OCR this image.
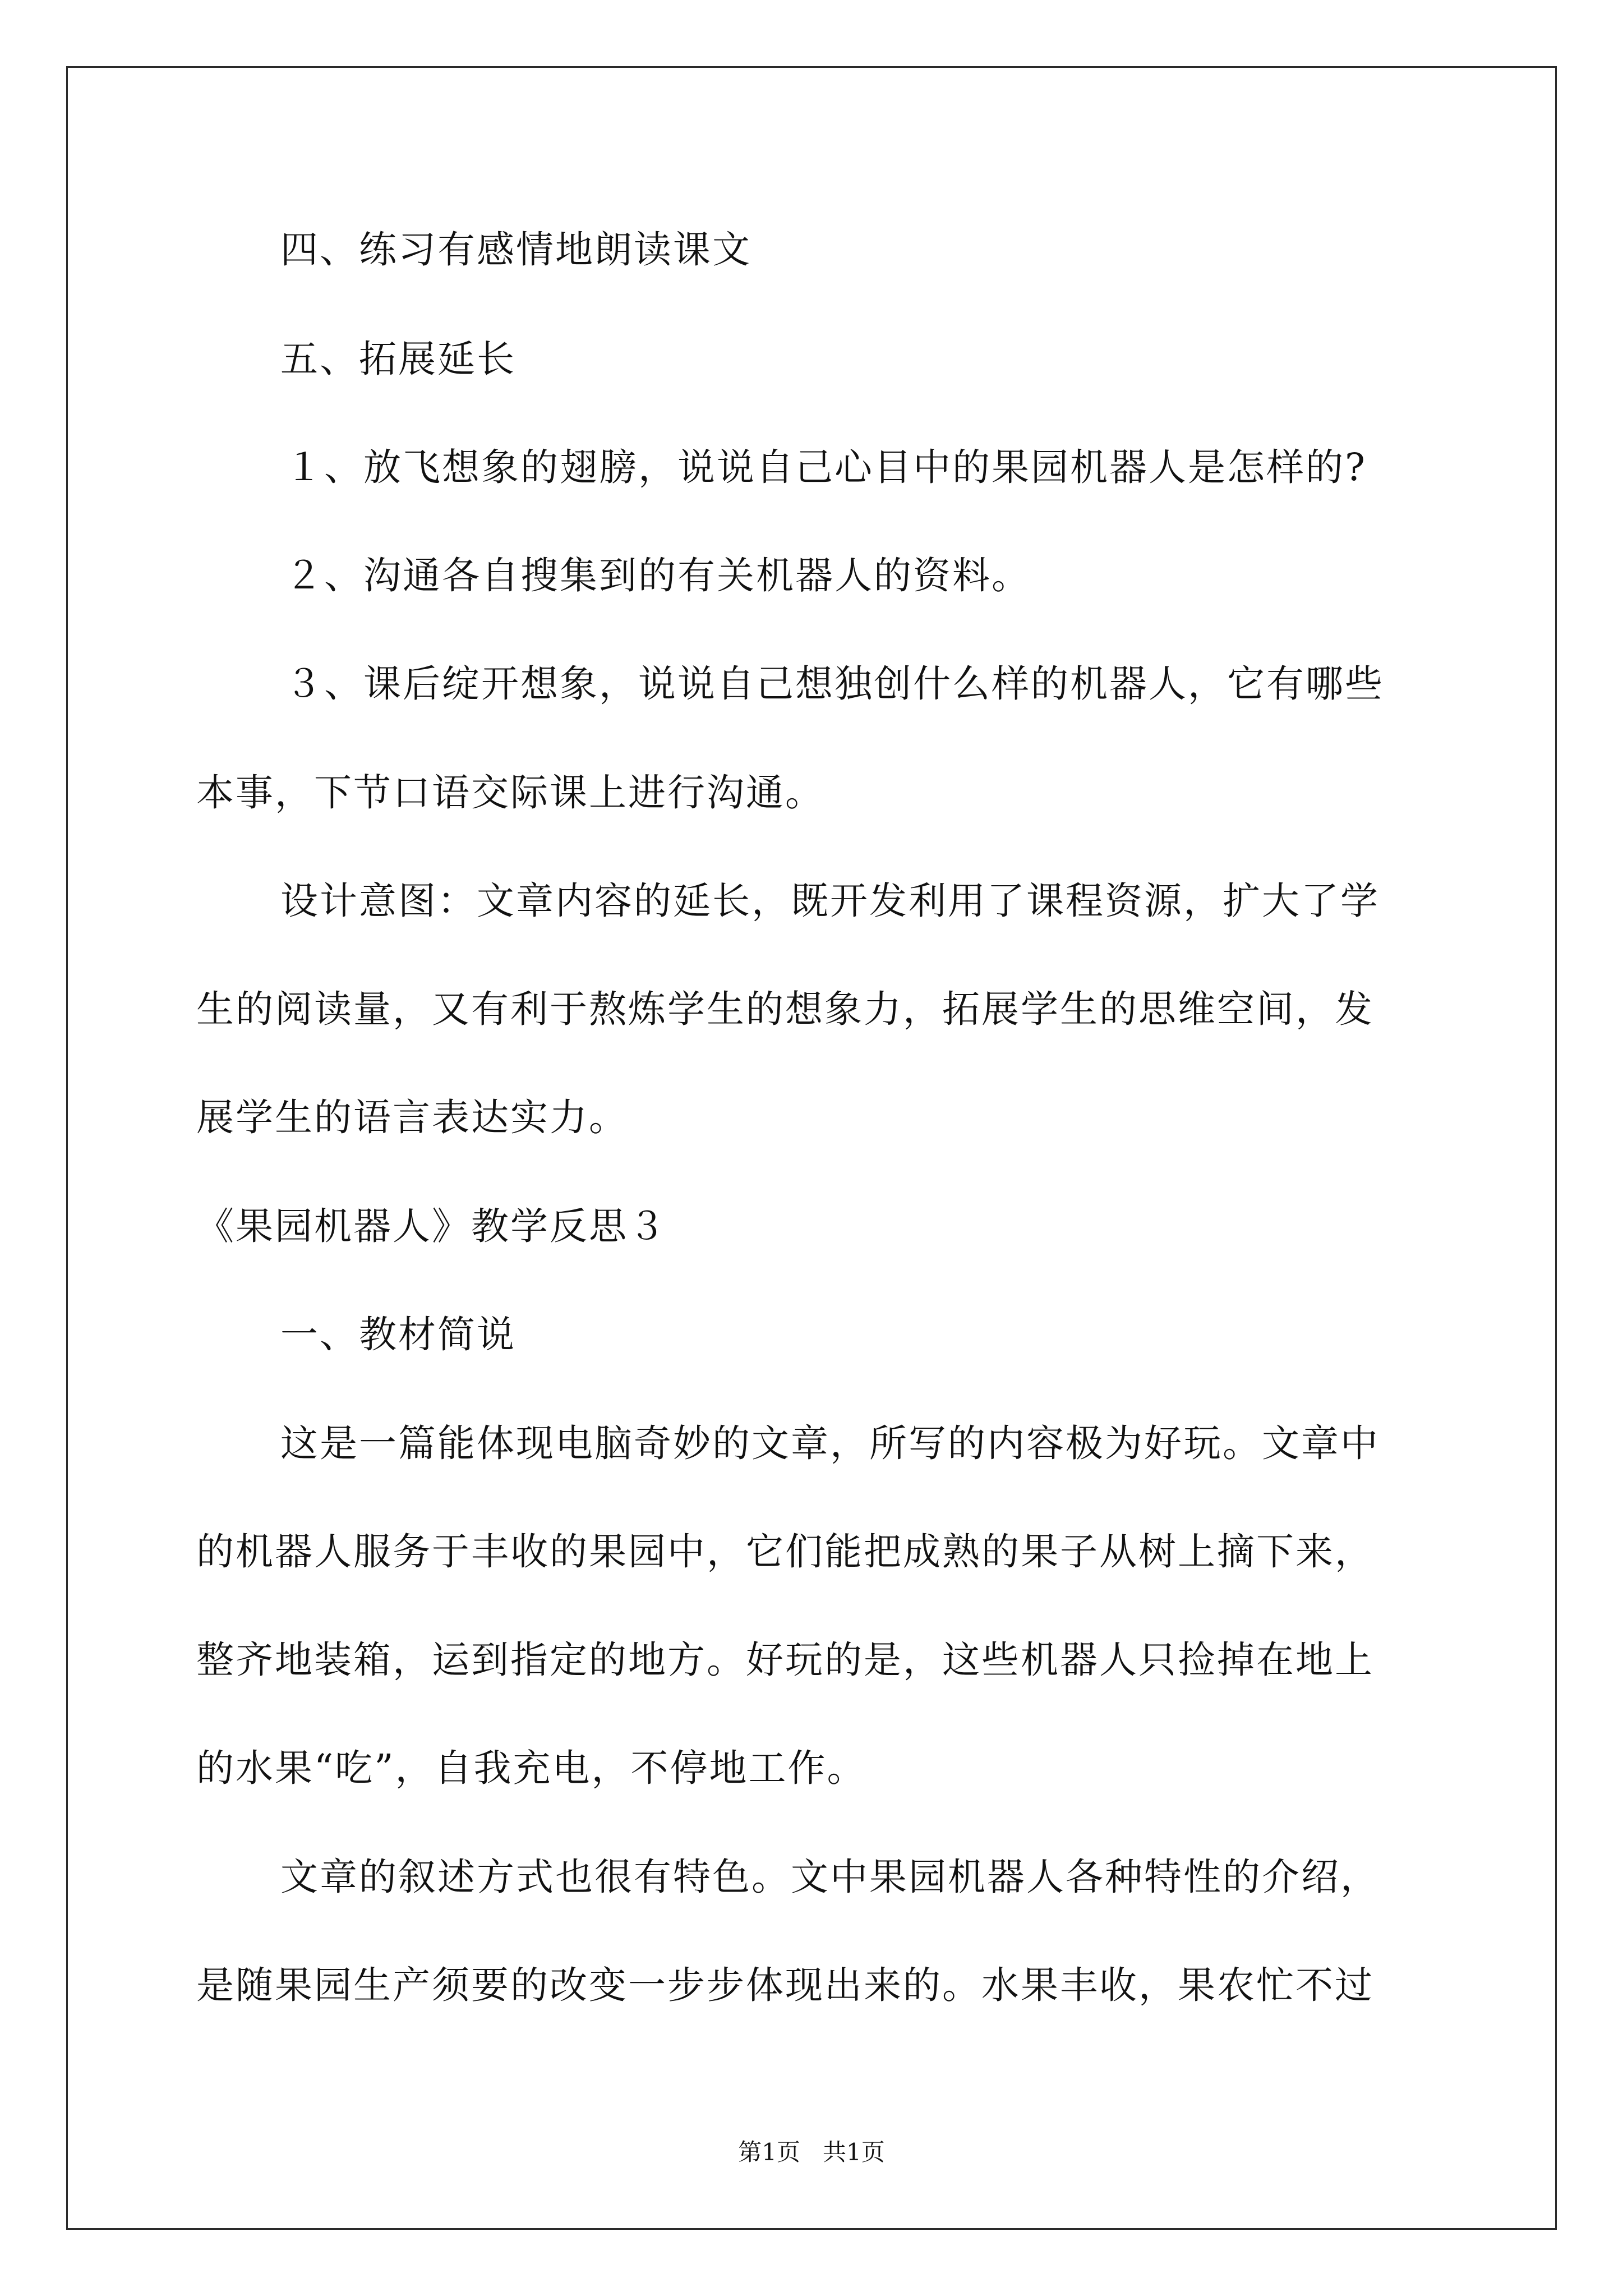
四、练习有感情地朗读课文
五、拓展延长
１、放飞想象的翅膀，说说自己心目中的果园机器人是怎样的?
２、沟通各自搜集到的有关机器人的资料。
３、课后绽开想象，说说自己想独创什么样的机器人，它有哪些
本事，下节口语交际课上进行沟通。
设计意图：文章内容的延长，既开发利用了课程资源，扩大了学
生的阅读量，又有利于熬炼学生的想象力，拓展学生的思维空间，发
展学生的语言表达实力。
《果园机器人》教学反思３
一、教材简说
这是一篇能体现电脑奇妙的文章，所写的内容极为好玩。文章中
的机器人服务于丰收的果园中，它们能把成熟的果子从树上摘下来，
整齐地装箱，运到指定的地方。好玩的是，这些机器人只捡掉在地上
的水果“吃”，自我充电，不停地工作。
文章的叙述方式也很有特色。文中果园机器人各种特性的介绍，
是随果园生产须要的改变一步步体现出来的。水果丰收，果农忙不过
第1页   共1页
